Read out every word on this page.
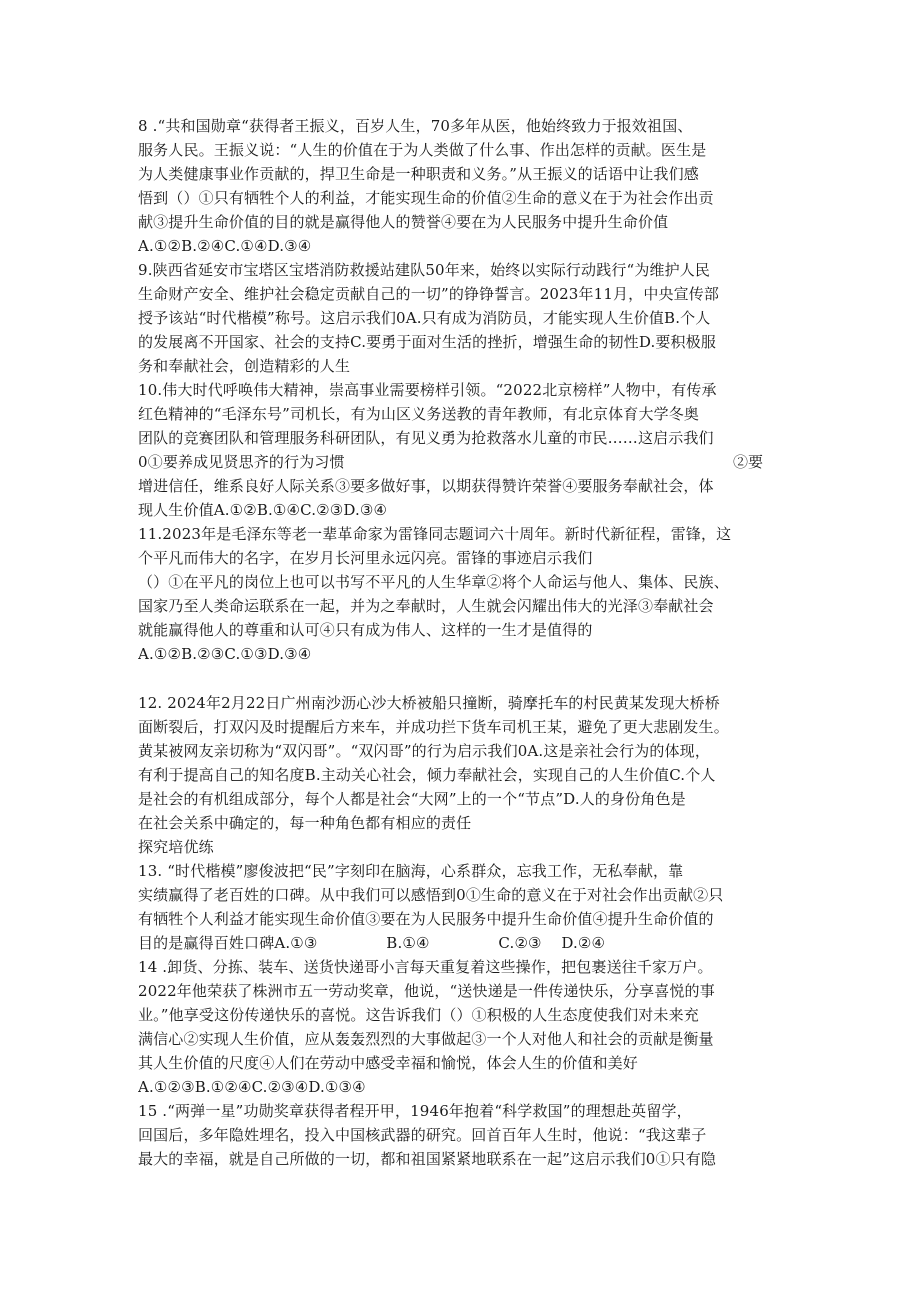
8 .“共和国勋章“获得者王振义，百岁人生，70多年从医，他始终致力于报效祖国、
服务人民。王振义说：“人生的价值在于为人类做了什么事、作出怎样的贡献。医生是
为人类健康事业作贡献的，捍卫生命是一种职责和义务。”从王振义的话语中让我们感
悟到（）①只有牺牲个人的利益，才能实现生命的价值②生命的意义在于为社会作出贡
献③提升生命价值的目的就是赢得他人的赞誉④要在为人民服务中提升生命价值
A.①②B.②④C.①④D.③④
9.陕西省延安市宝塔区宝塔消防救援站建队50年来，始终以实际行动践行“为维护人民
生命财产安全、维护社会稳定贡献自己的一切”的铮铮誓言。2023年11月，中央宣传部
授予该站“时代楷模”称号。这启示我们0A.只有成为消防员，才能实现人生价值B.个人
的发展离不开国家、社会的支持C.要勇于面对生活的挫折，增强生命的韧性D.要积极服
务和奉献社会，创造精彩的人生
10.伟大时代呼唤伟大精神，崇高事业需要榜样引领。“2022北京榜样”人物中，有传承
红色精神的“毛泽东号”司机长，有为山区义务送教的青年教师，有北京体育大学冬奥
团队的竞赛团队和管理服务科研团队，有见义勇为抢救落水儿童的市民……这启示我们
0①要养成见贤思齐的行为习惯	②要
增进信任，维系良好人际关系③要多做好事，以期获得赞许荣誉④要服务奉献社会，体
现人生价值A.①②B.①④C.②③D.③④
11.2023年是毛泽东等老一辈革命家为雷锋同志题词六十周年。新时代新征程，雷锋，这
个平凡而伟大的名字，在岁月长河里永远闪亮。雷锋的事迹启示我们
（）①在平凡的岗位上也可以书写不平凡的人生华章②将个人命运与他人、集体、民族、
国家乃至人类命运联系在一起，并为之奉献时，人生就会闪耀出伟大的光泽③奉献社会
就能赢得他人的尊重和认可④只有成为伟人、这样的一生才是值得的
A.①②B.②③C.①③D.③④
12. 2024年2月22日广州南沙沥心沙大桥被船只撞断，骑摩托车的村民黄某发现大桥桥
面断裂后，打双闪及时提醒后方来车，并成功拦下货车司机王某，避免了更大悲剧发生。
黄某被网友亲切称为“双闪哥”。“双闪哥”的行为启示我们0A.这是亲社会行为的体现，
有利于提高自己的知名度B.主动关心社会，倾力奉献社会，实现自己的人生价值C.个人
是社会的有机组成部分，每个人都是社会“大网”上的一个“节点”D.人的身份角色是
在社会关系中确定的，每一种角色都有相应的责任
探究培优练
13. “时代楷模”廖俊波把“民”字刻印在脑海，心系群众，忘我工作，无私奉献，靠
实绩赢得了老百姓的口碑。从中我们可以感悟到0①生命的意义在于对社会作出贡献②只
有牺牲个人利益才能实现生命价值③要在为人民服务中提升生命价值④提升生命价值的
目的是赢得百姓口碑A.①③              B.①④              C.②③    D.②④
14 .卸货、分拣、装车、送货快递哥小言每天重复着这些操作，把包裹送往千家万户。
2022年他荣获了株洲市五一劳动奖章，他说，“送快递是一件传递快乐，分享喜悦的事
业。”他享受这份传递快乐的喜悦。这告诉我们（）①积极的人生态度使我们对未来充
满信心②实现人生价值，应从轰轰烈烈的大事做起③一个人对他人和社会的贡献是衡量
其人生价值的尺度④人们在劳动中感受幸福和愉悦，体会人生的价值和美好
A.①②③B.①②④C.②③④D.①③④
15 .“两弹一星”功勋奖章获得者程开甲，1946年抱着“科学救国”的理想赴英留学，
回国后，多年隐姓埋名，投入中国核武器的研究。回首百年人生时，他说：“我这辈子
最大的幸福，就是自己所做的一切，都和祖国紧紧地联系在一起”这启示我们0①只有隐
